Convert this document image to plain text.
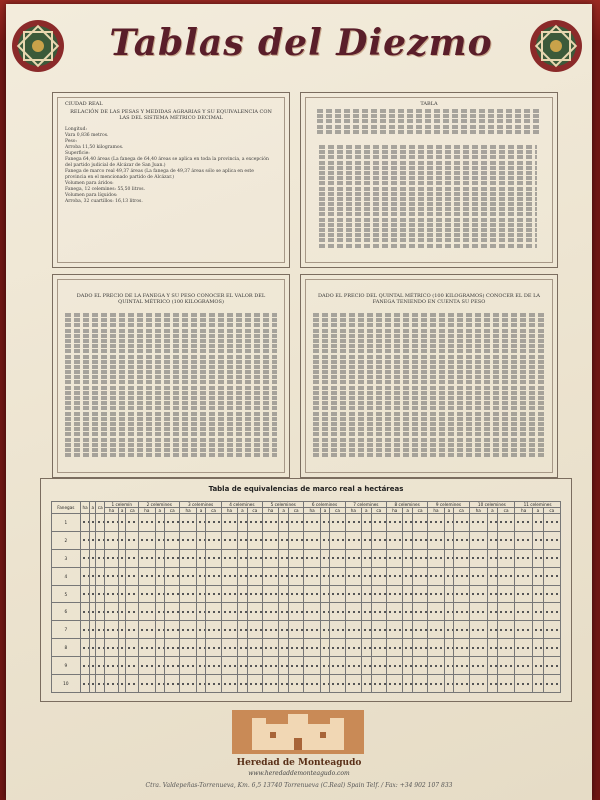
Tablas del Diezmo
CIUDAD REAL
RELACIÓN DE LAS PESAS Y MEDIDAS AGRARIAS Y SU EQUIVALENCIA CON LAS DEL SISTEMA MÉTRICO DECIMAL
Longitud:
Vara 0,836 metros.
Peso:
Arroba 11,50 kilogramos.
Superficie:
Fanega 64,40 áreas (La fanega de 64,40 áreas se aplica en toda la provincia, a excepción del partido judicial de Alcázar de San Juan.)
Fanega de marco real 49,37 áreas (La fanega de 49,37 áreas sólo se aplica en este provincia en el mencionado partido de Alcázar.)
Volumen para áridos:
Fanega, 12 celemines: 55,50 litros.
Volumen para líquidos:
Arroba, 32 cuartillos: 16,13 litros.
TABLA
DADO EL PRECIO DE LA FANEGA Y SU PESO CONOCER EL VALOR DEL QUINTAL MÉTRICO (100 KILOGRAMOS)
DADO EL PRECIO DEL QUINTAL MÉTRICO (100 KILOGRAMOS) CONOCER EL DE LA FANEGA TENIENDO EN CUENTA SU PESO
Tabla de equivalencias de marco real a hectáreas
Fanegas	ha	a	ca	1 celemín			2 celemines			3 celemines			4 celemines			5 celemines			6 celemines			7 celemines			8 celemines			9 celemines			10 celemines			11 celemines		
				ha	a	ca	ha	a	ca	ha	a	ca	ha	a	ca	ha	a	ca	ha	a	ca	ha	a	ca	ha	a	ca	ha	a	ca	ha	a	ca	ha	a	ca
1																																				
2																																				
3																																				
4																																				
5																																				
6																																				
7																																				
8																																				
9																																				
10																																				
Heredad de Monteagudo
www.heredaddemonteagudo.com
Ctra. Valdepeñas-Torrenueva, Km. 6,5 13740 Torrenueva (C.Real) Spain Telf. / Fax: +34 902 107 833
